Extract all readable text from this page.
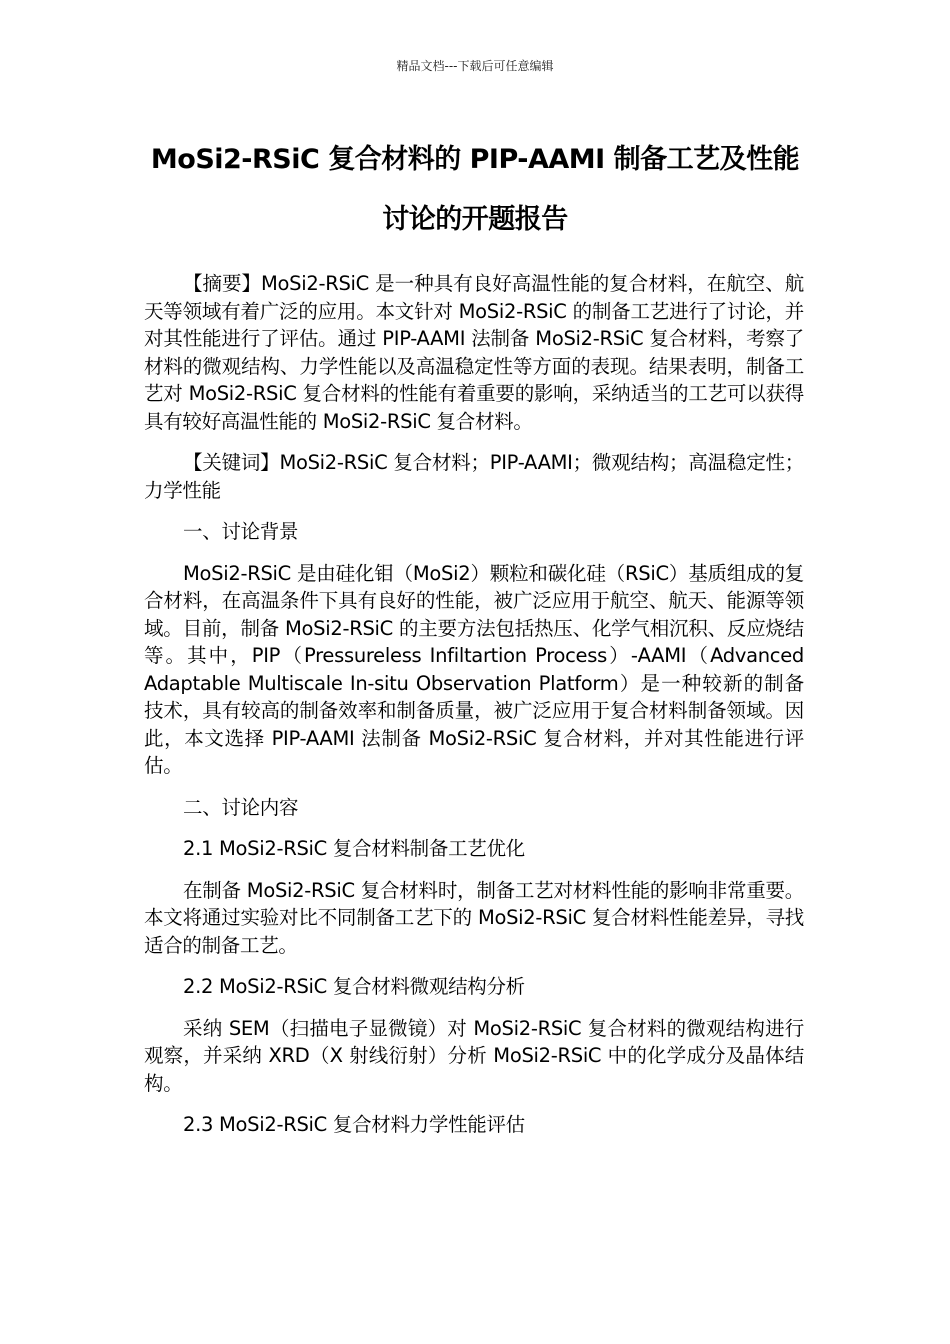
精品文档---下载后可任意编辑
MoSi2-RSiC 复合材料的 PIP-AAMI 制备工艺及性能
讨论的开题报告

【摘要】MoSi2-RSiC 是一种具有良好高温性能的复合材料，在航空、航天等领域有着广泛的应用。本文针对 MoSi2-RSiC 的制备工艺进行了讨论，并对其性能进行了评估。通过 PIP-AAMI 法制备 MoSi2-RSiC 复合材料，考察了材料的微观结构、力学性能以及高温稳定性等方面的表现。结果表明，制备工艺对 MoSi2-RSiC 复合材料的性能有着重要的影响，采纳适当的工艺可以获得具有较好高温性能的 MoSi2-RSiC 复合材料。

【关键词】MoSi2-RSiC 复合材料；PIP-AAMI；微观结构；高温稳定性；力学性能

一、讨论背景

MoSi2-RSiC 是由硅化钼（MoSi2）颗粒和碳化硅（RSiC）基质组成的复合材料，在高温条件下具有良好的性能，被广泛应用于航空、航天、能源等领域。目前，制备 MoSi2-RSiC 的主要方法包括热压、化学气相沉积、反应烧结等。其中，PIP（Pressureless Infiltartion Process）-AAMI（Advanced Adaptable Multiscale In-situ Observation Platform）是一种较新的制备技术，具有较高的制备效率和制备质量，被广泛应用于复合材料制备领域。因此，本文选择 PIP-AAMI 法制备 MoSi2-RSiC 复合材料，并对其性能进行评估。

二、讨论内容

2.1 MoSi2-RSiC 复合材料制备工艺优化

在制备 MoSi2-RSiC 复合材料时，制备工艺对材料性能的影响非常重要。本文将通过实验对比不同制备工艺下的 MoSi2-RSiC 复合材料性能差异，寻找适合的制备工艺。

2.2 MoSi2-RSiC 复合材料微观结构分析

采纳 SEM（扫描电子显微镜）对 MoSi2-RSiC 复合材料的微观结构进行观察，并采纳 XRD（X 射线衍射）分析 MoSi2-RSiC 中的化学成分及晶体结构。

2.3 MoSi2-RSiC 复合材料力学性能评估
